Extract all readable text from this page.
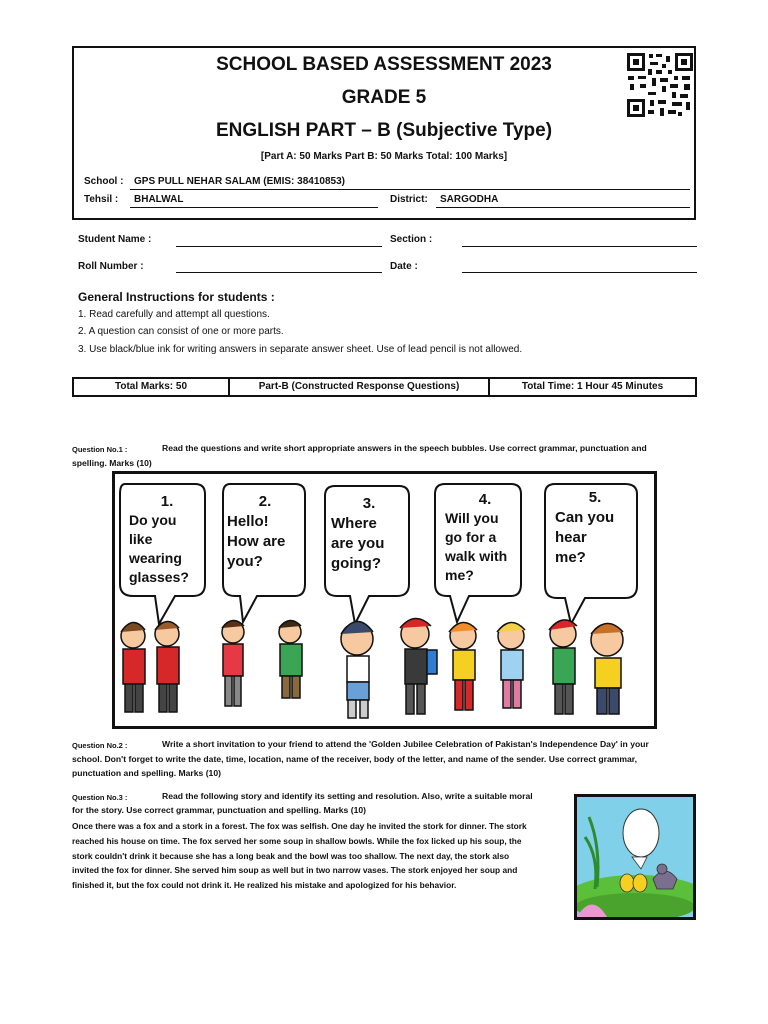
SCHOOL BASED ASSESSMENT 2023
GRADE 5
ENGLISH PART – B (Subjective Type)
[Part A: 50 Marks Part B: 50 Marks Total: 100 Marks]
School : GPS PULL NEHAR SALAM (EMIS: 38410853)
Tehsil : BHALWAL	District: SARGODHA
Student Name :	Section :
Roll Number :	Date :
General Instructions for students :
1. Read carefully and attempt all questions.
2. A question can consist of one or more parts.
3. Use black/blue ink for writing answers in separate answer sheet. Use of lead pencil is not allowed.
Total Marks: 50	Part-B (Constructed Response Questions)	Total Time: 1 Hour 45 Minutes
Question No.1 :	Read the questions and write short appropriate answers in the speech bubbles. Use correct grammar, punctuation and
spelling. Marks (10)
1.
Do you
like
wearing
glasses?
2.
Hello!
How are
you?
3.
Where
are you
going?
4.
Will you
go for a
walk with
me?
5.
Can you
hear
me?
Question No.2 :	Write a short invitation to your friend to attend the 'Golden Jubilee Celebration of Pakistan's Independence Day' in your
school. Don't forget to write the date, time, location, name of the receiver, body of the letter, and name of the sender. Use correct grammar,
punctuation and spelling. Marks (10)
Question No.3 :	Read the following story and identify its setting and resolution. Also, write a suitable moral
for the story. Use correct grammar, punctuation and spelling. Marks (10)
Once there was a fox and a stork in a forest. The fox was selfish. One day he invited the stork for dinner. The stork
reached his house on time. The fox served her some soup in shallow bowls. While the fox licked up his soup, the
stork couldn't drink it because she has a long beak and the bowl was too shallow. The next day, the stork also
invited the fox for dinner. She served him soup as well but in two narrow vases. The stork enjoyed her soup and
finished it, but the fox could not drink it. He realized his mistake and apologized for his behavior.
